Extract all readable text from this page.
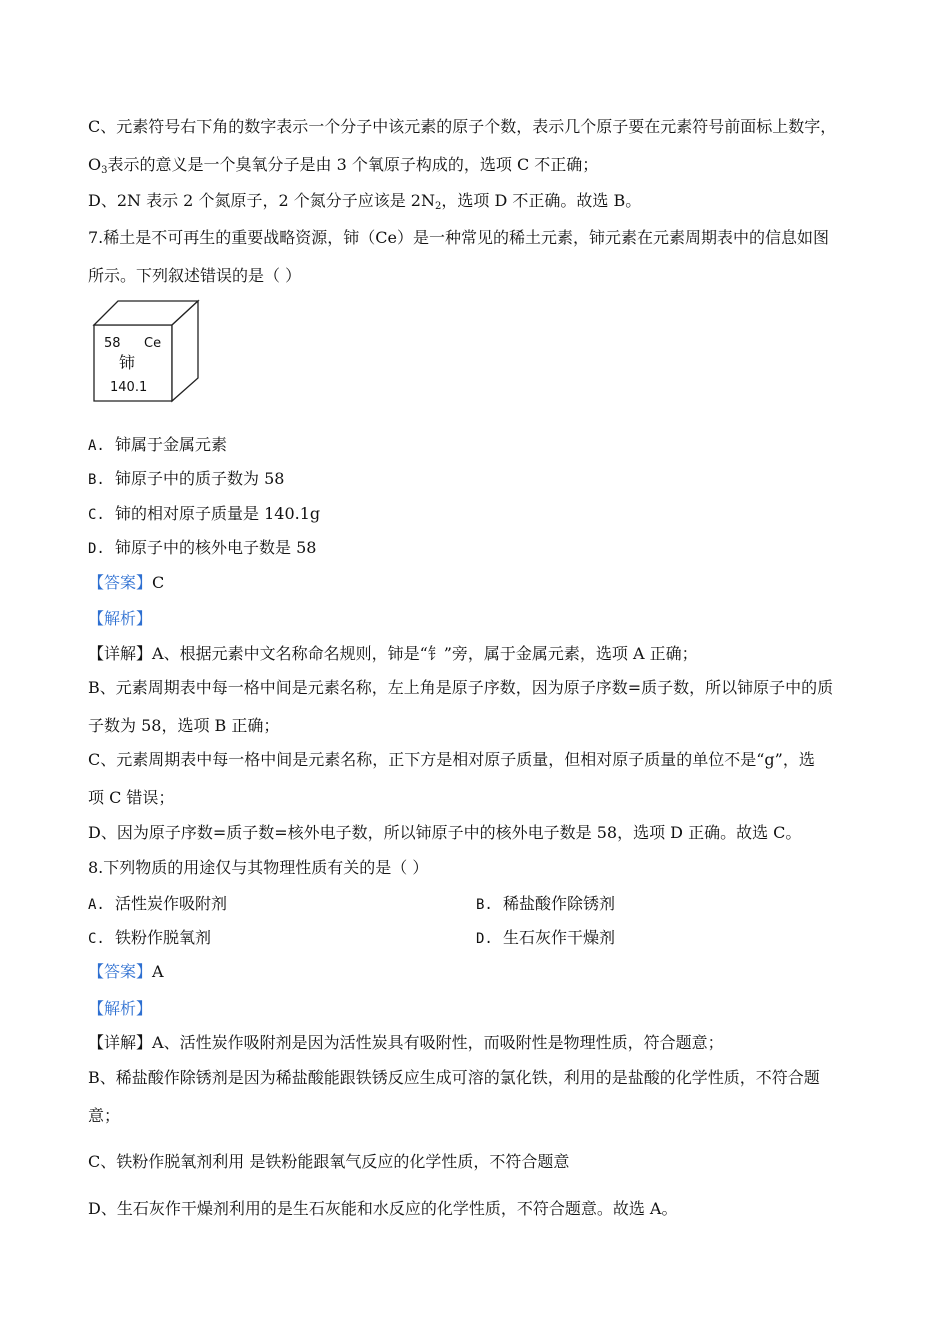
C、元素符号右下角的数字表示一个分子中该元素的原子个数，表示几个原子要在元素符号前面标上数字，
$O_3$表示的意义是一个臭氧分子是由 3 个氧原子构成的，选项 C 不正确；
D、2N 表示 2 个氮原子，2 个氮分子应该是 $2N_2$，选项 D 不正确。故选 B。
7.稀土是不可再生的重要战略资源，铈（Ce）是一种常见的稀土元素，铈元素在元素周期表中的信息如图
所示。下列叙述错误的是（ ）
58 Ce
铈
140.1
A. 铈属于金属元素
B. 铈原子中的质子数为 58
C. 铈的相对原子质量是 140.1g
D. 铈原子中的核外电子数是 58
【答案】C
【解析】
【详解】A、根据元素中文名称命名规则，铈是“钅”旁，属于金属元素，选项 A 正确；
B、元素周期表中每一格中间是元素名称，左上角是原子序数，因为原子序数=质子数，所以铈原子中的质
子数为 58，选项 B 正确；
C、元素周期表中每一格中间是元素名称，正下方是相对原子质量，但相对原子质量的单位不是“g”，选
项 C 错误；
D、因为原子序数=质子数=核外电子数，所以铈原子中的核外电子数是 58，选项 D 正确。故选 C。
8.下列物质的用途仅与其物理性质有关的是（ ）
A. 活性炭作吸附剂	B. 稀盐酸作除锈剂
C. 铁粉作脱氧剂	D. 生石灰作干燥剂
【答案】A
【解析】
【详解】A、活性炭作吸附剂是因为活性炭具有吸附性，而吸附性是物理性质，符合题意；
B、稀盐酸作除锈剂是因为稀盐酸能跟铁锈反应生成可溶的氯化铁，利用的是盐酸的化学性质，不符合题
意；
C、铁粉作脱氧剂利用 是铁粉能跟氧气反应的化学性质，不符合题意
D、生石灰作干燥剂利用的是生石灰能和水反应的化学性质，不符合题意。故选 A。
